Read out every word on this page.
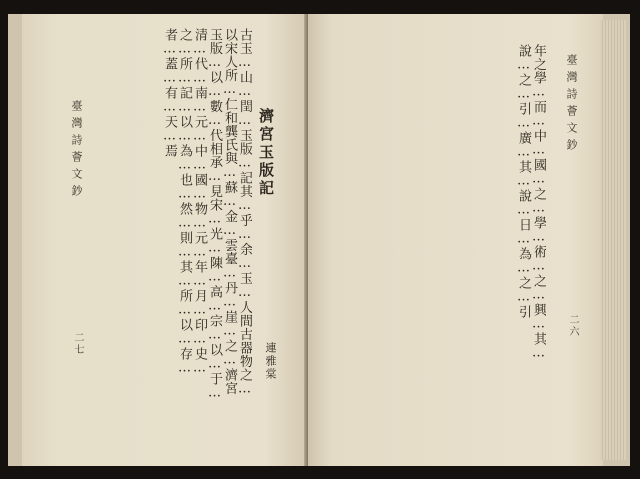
臺灣詩薈文鈔
二七	古玉…山…閏…玉版…記其…乎…余…玉…人間古器物之…以宋人所…仁和龔氏與…蘇…金…雲臺…丹…崖…之…濟宮玉版…以…數…代相承…見宋…光…陳…高…宗…以…于…清…代…南…元…中…國…物…元…年…月…印…史…之…所…記…以…為…也…然…則…其…所…以…存…者…蓋…有…天…焉	濟宮玉版記
連雅棠
年之學…而…中…國…之…學…術…之…興…其…說…之…引…廣…其…說…日…為…之…引	臺灣詩薈文鈔
二六
